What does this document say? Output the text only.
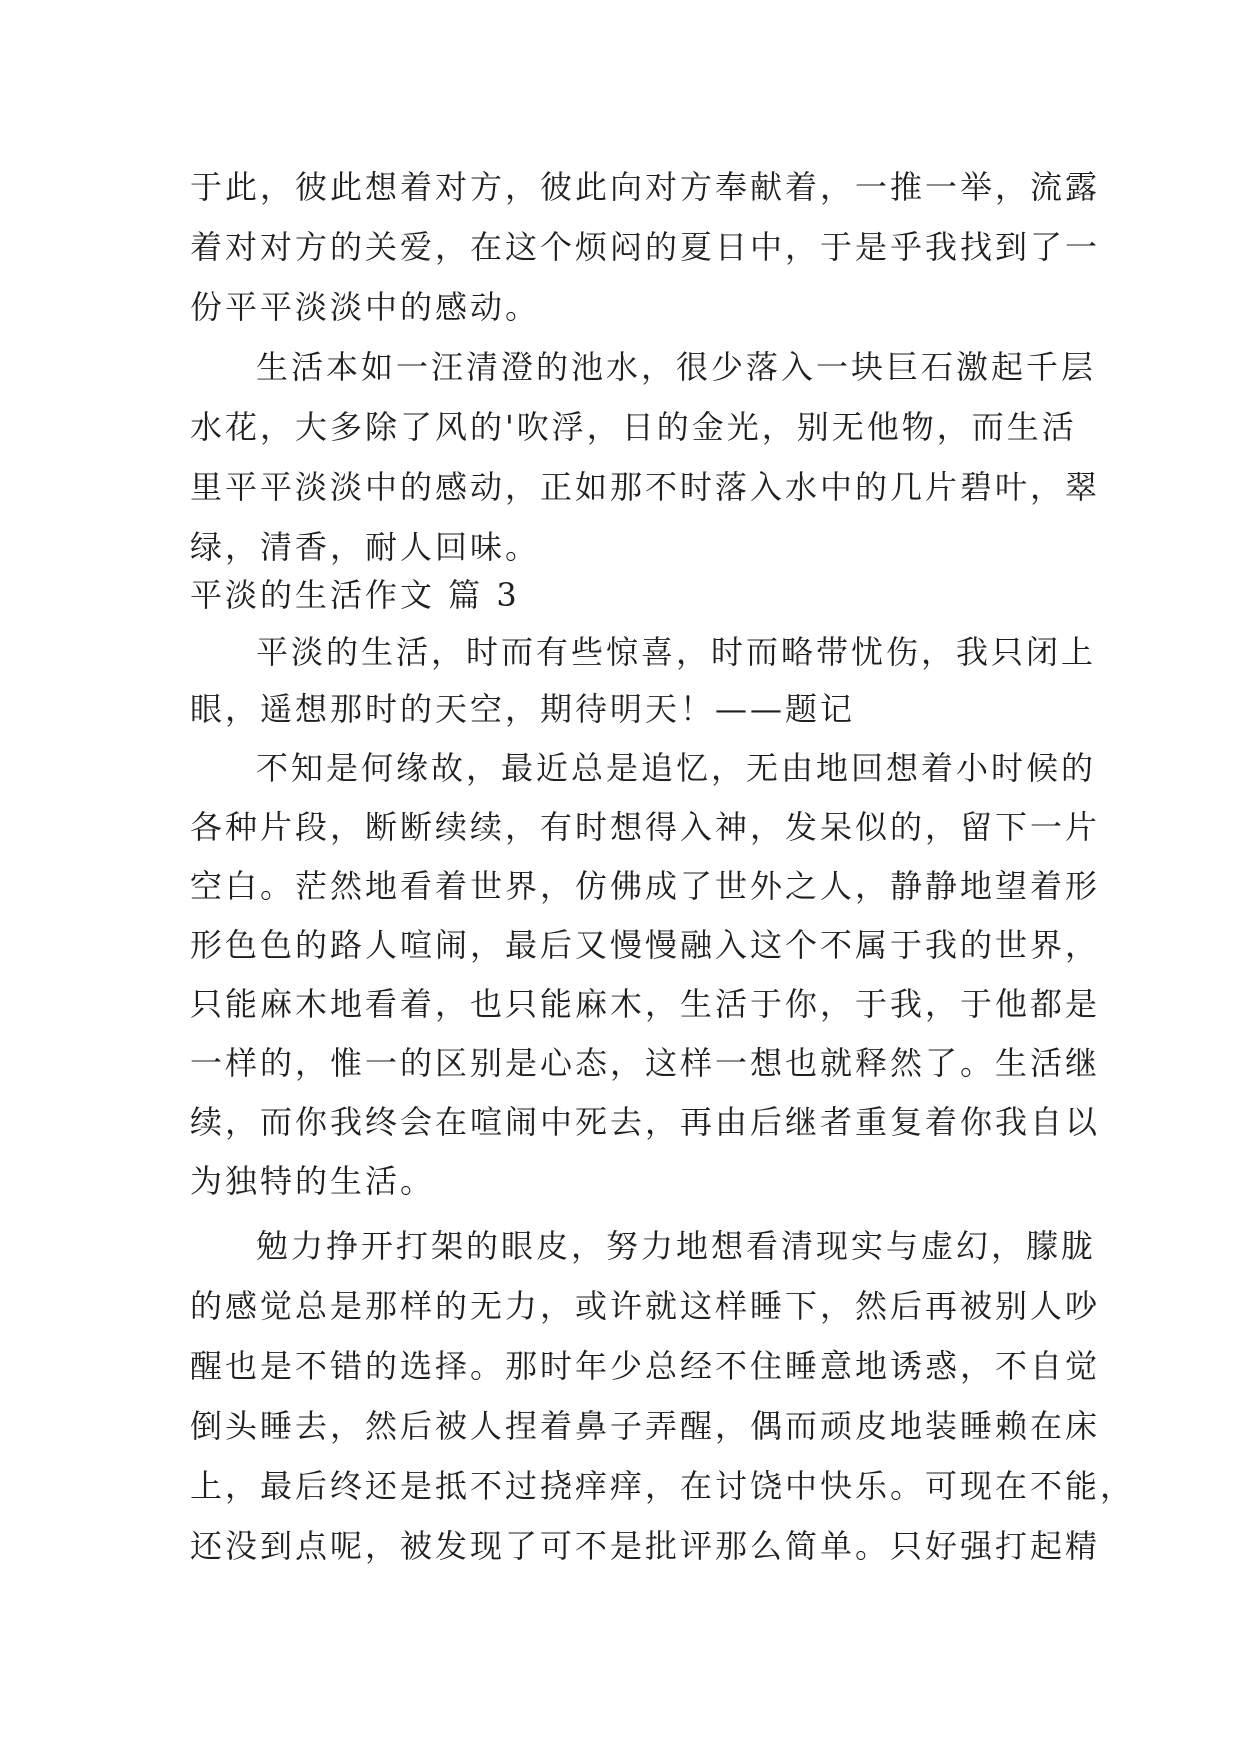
于此，彼此想着对方，彼此向对方奉献着，一推一举，流露
着对对方的关爱，在这个烦闷的夏日中，于是乎我找到了一
份平平淡淡中的感动。
生活本如一汪清澄的池水，很少落入一块巨石激起千层
水花，大多除了风的'吹浮，日的金光，别无他物，而生活
里平平淡淡中的感动，正如那不时落入水中的几片碧叶，翠
绿，清香，耐人回味。
平淡的生活作文 篇 3
平淡的生活，时而有些惊喜，时而略带忧伤，我只闭上
眼，遥想那时的天空，期待明天！——题记
不知是何缘故，最近总是追忆，无由地回想着小时候的
各种片段，断断续续，有时想得入神，发呆似的，留下一片
空白。茫然地看着世界，仿佛成了世外之人，静静地望着形
形色色的路人喧闹，最后又慢慢融入这个不属于我的世界，
只能麻木地看着，也只能麻木，生活于你，于我，于他都是
一样的，惟一的区别是心态，这样一想也就释然了。生活继
续，而你我终会在喧闹中死去，再由后继者重复着你我自以
为独特的生活。
勉力挣开打架的眼皮，努力地想看清现实与虚幻，朦胧
的感觉总是那样的无力，或许就这样睡下，然后再被别人吵
醒也是不错的选择。那时年少总经不住睡意地诱惑，不自觉
倒头睡去，然后被人捏着鼻子弄醒，偶而顽皮地装睡赖在床
上，最后终还是抵不过挠痒痒，在讨饶中快乐。可现在不能，
还没到点呢，被发现了可不是批评那么简单。只好强打起精
